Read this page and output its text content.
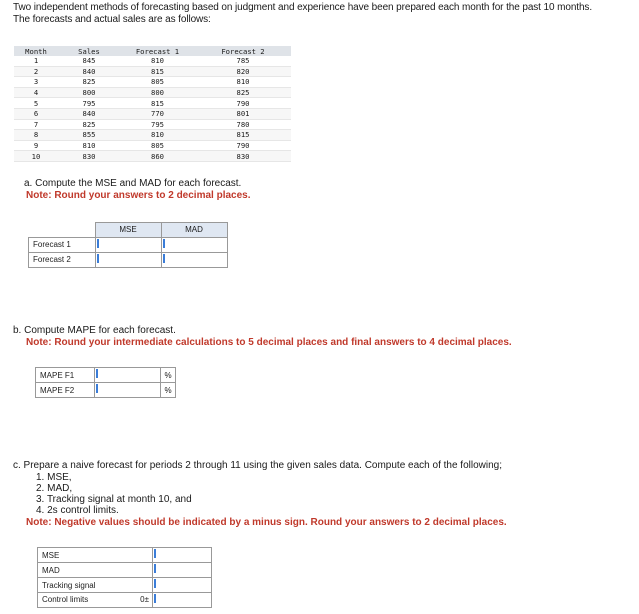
Two independent methods of forecasting based on judgment and experience have been prepared each month for the past 10 months.

The forecasts and actual sales are as follows:

Month	Sales	Forecast 1	Forecast 2
1	845	810	785
2	840	815	820
3	825	805	810
4	800	800	825
5	795	815	790
6	840	770	801
7	825	795	780
8	855	810	815
9	810	805	790
10	830	860	830
a. Compute the MSE and MAD for each forecast.
Note: Round your answers to 2 decimal places.
	MSE	MAD
Forecast 1		
Forecast 2		
b. Compute MAPE for each forecast.
Note: Round your intermediate calculations to 5 decimal places and final answers to 4 decimal places.
MAPE F1		%
MAPE F2		%
c. Prepare a naive forecast for periods 2 through 11 using the given sales data. Compute each of the following;
1. MSE,
2. MAD,
3. Tracking signal at month 10, and
4. 2s control limits.
Note: Negative values should be indicated by a minus sign. Round your answers to 2 decimal places.
MSE	
MAD	
Tracking signal	

Control limits 0±	
